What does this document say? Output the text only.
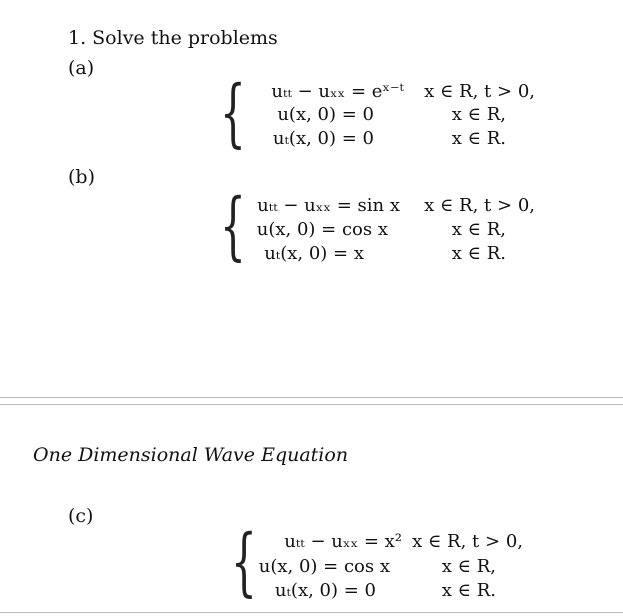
1. Solve the problems
(a)
{	uₜₜ − uₓₓ = eˣ⁻ᵗ
u(x, 0) = 0
uₜ(x, 0) = 0
x ∈ R, t > 0,
x ∈ R,
x ∈ R.
(b)
{ uₜₜ − uₓₓ = sin x
u(x, 0) = cos x
uₜ(x, 0) = x
x ∈ R, t > 0,
x ∈ R,
x ∈ R.
One Dimensional Wave Equation
(c)
{	uₜₜ − uₓₓ = x²
u(x, 0) = cos x
uₜ(x, 0) = 0
x ∈ R, t > 0,
x ∈ R,
x ∈ R.
